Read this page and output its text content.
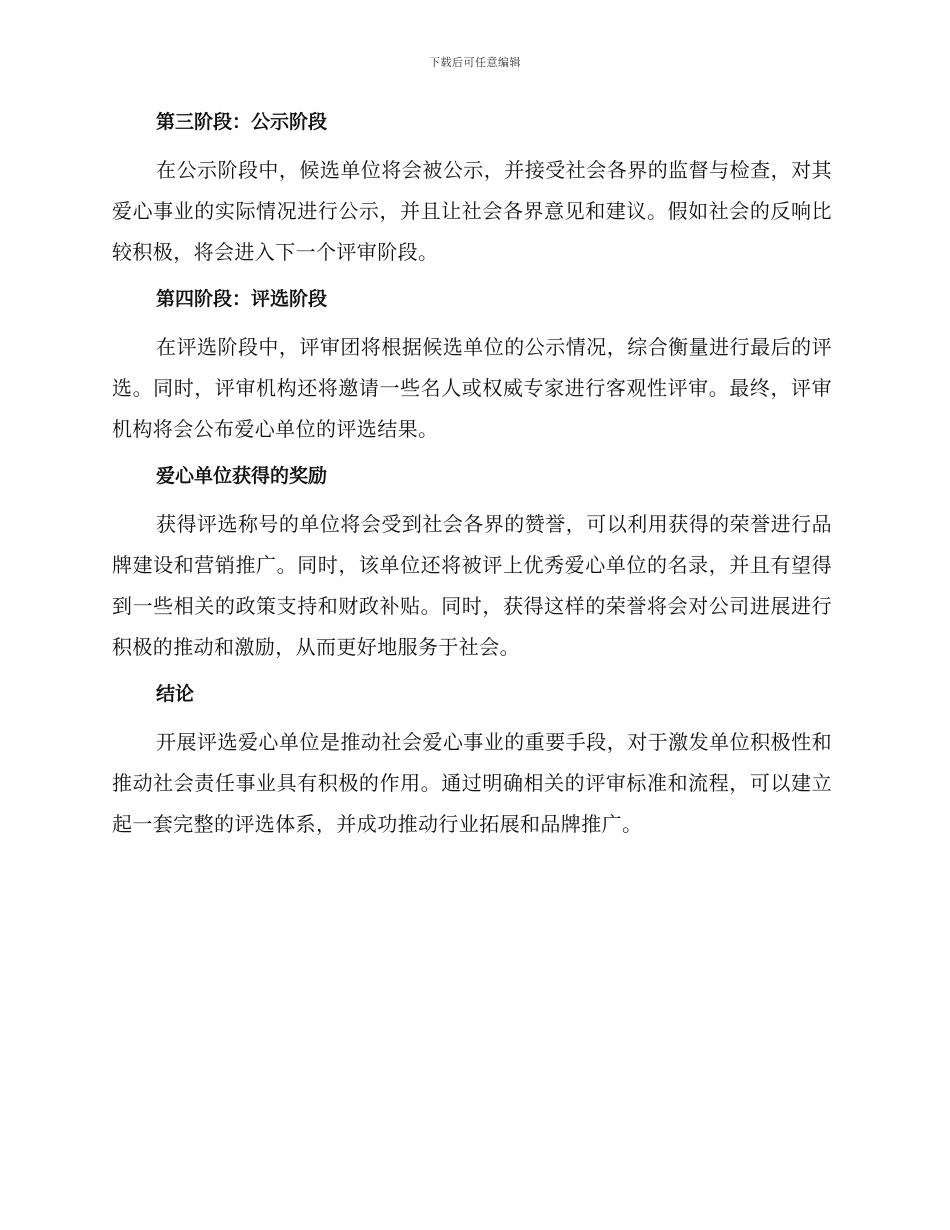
下载后可任意编辑
第三阶段：公示阶段

在公示阶段中，候选单位将会被公示，并接受社会各界的监督与检查，对其爱心事业的实际情况进行公示，并且让社会各界意见和建议。假如社会的反响比较积极，将会进入下一个评审阶段。

第四阶段：评选阶段

在评选阶段中，评审团将根据候选单位的公示情况，综合衡量进行最后的评选。同时，评审机构还将邀请一些名人或权威专家进行客观性评审。最终，评审机构将会公布爱心单位的评选结果。

爱心单位获得的奖励

获得评选称号的单位将会受到社会各界的赞誉，可以利用获得的荣誉进行品牌建设和营销推广。同时，该单位还将被评上优秀爱心单位的名录，并且有望得到一些相关的政策支持和财政补贴。同时，获得这样的荣誉将会对公司进展进行积极的推动和激励，从而更好地服务于社会。

结论

开展评选爱心单位是推动社会爱心事业的重要手段，对于激发单位积极性和推动社会责任事业具有积极的作用。通过明确相关的评审标准和流程，可以建立起一套完整的评选体系，并成功推动行业拓展和品牌推广。
